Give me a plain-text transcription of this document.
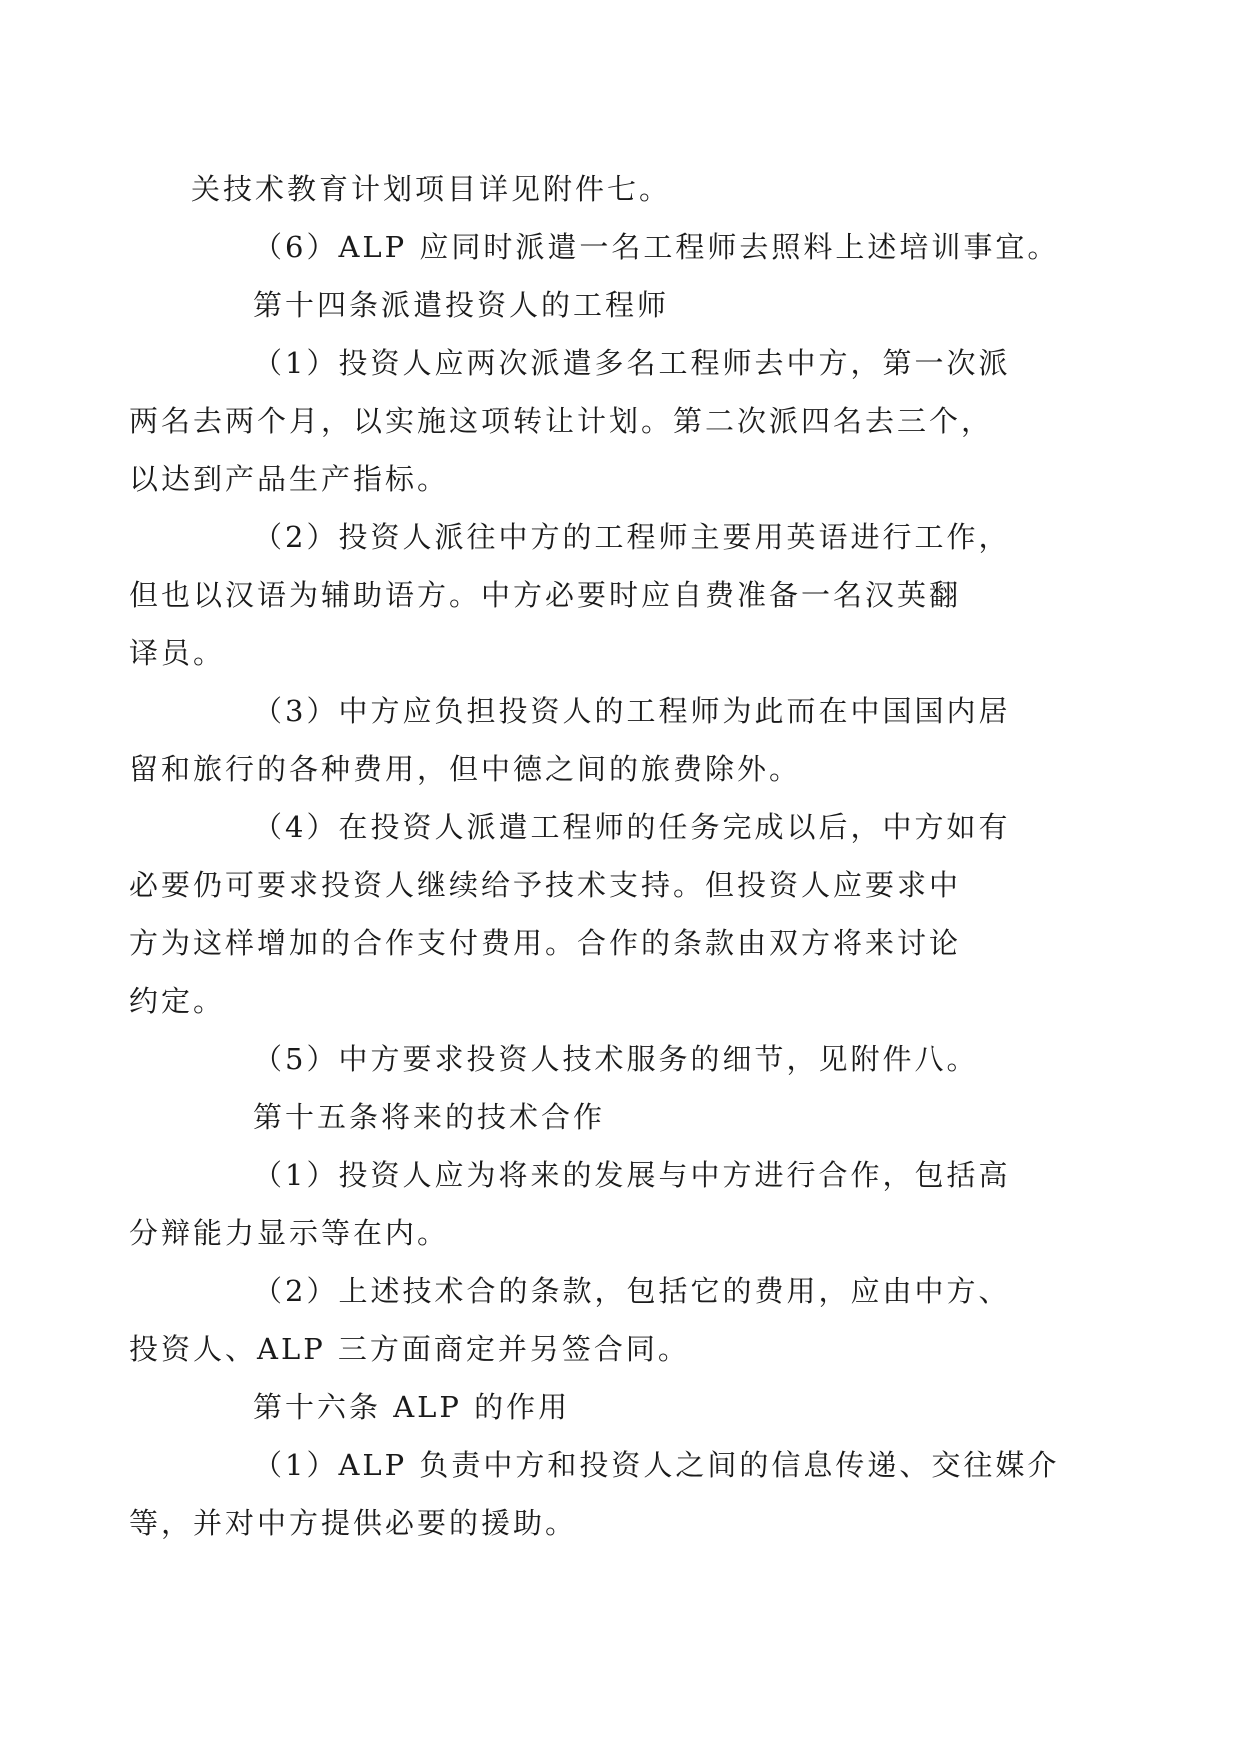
关技术教育计划项目详见附件七。

（6）ALP 应同时派遣一名工程师去照料上述培训事宜。

第十四条派遣投资人的工程师

（1）投资人应两次派遣多名工程师去中方，第一次派
两名去两个月，以实施这项转让计划。第二次派四名去三个，
以达到产品生产指标。

（2）投资人派往中方的工程师主要用英语进行工作，
但也以汉语为辅助语方。中方必要时应自费准备一名汉英翻
译员。

（3）中方应负担投资人的工程师为此而在中国国内居
留和旅行的各种费用，但中德之间的旅费除外。

（4）在投资人派遣工程师的任务完成以后，中方如有
必要仍可要求投资人继续给予技术支持。但投资人应要求中
方为这样增加的合作支付费用。合作的条款由双方将来讨论
约定。

（5）中方要求投资人技术服务的细节，见附件八。

第十五条将来的技术合作

（1）投资人应为将来的发展与中方进行合作，包括高
分辩能力显示等在内。

（2）上述技术合的条款，包括它的费用，应由中方、
投资人、ALP 三方面商定并另签合同。

第十六条 ALP 的作用

（1）ALP 负责中方和投资人之间的信息传递、交往媒介
等，并对中方提供必要的援助。
